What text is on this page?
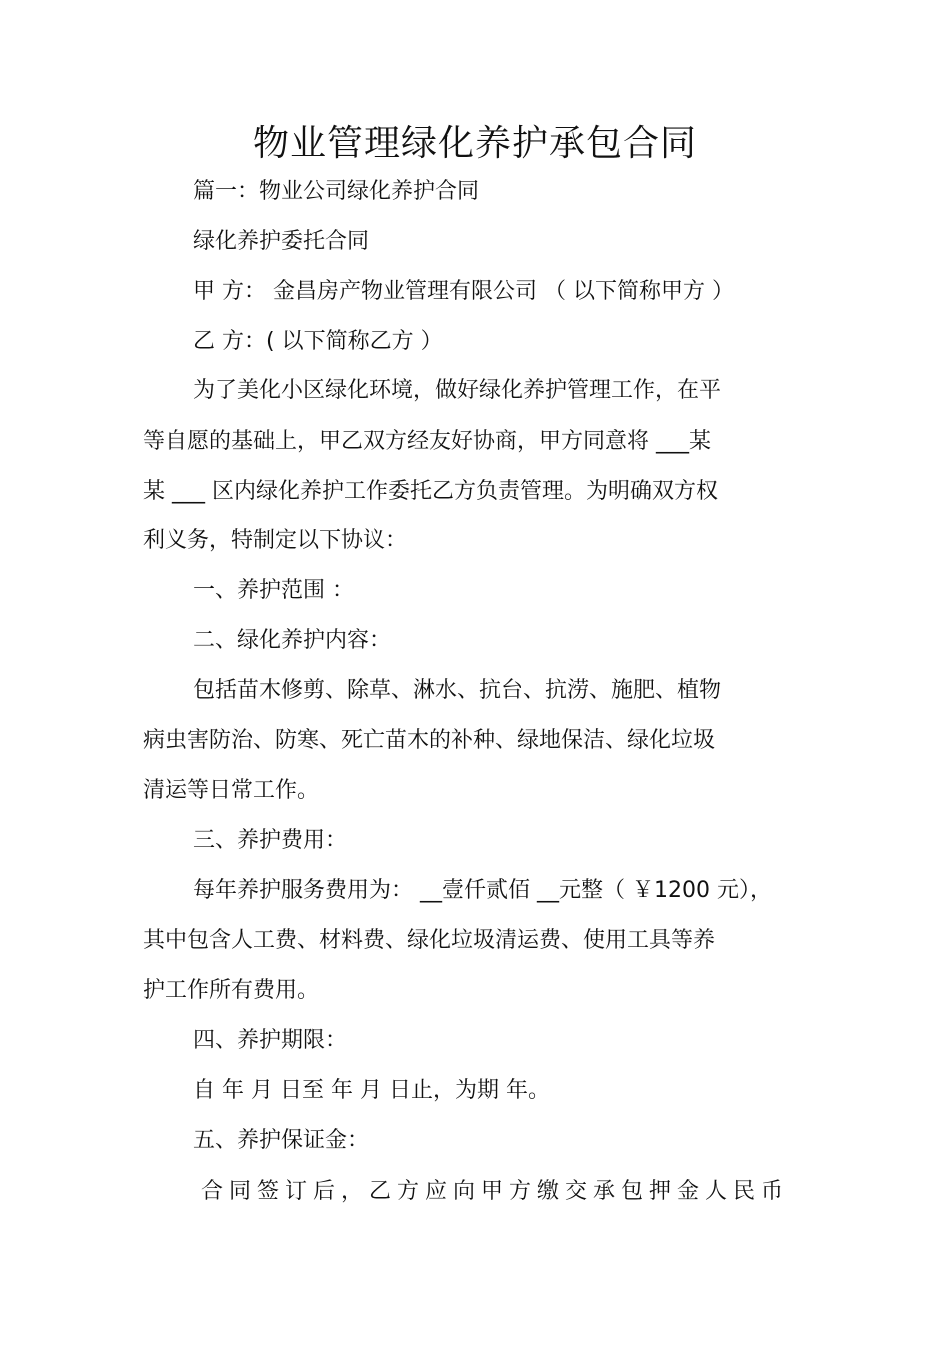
物业管理绿化养护承包合同
篇一：物业公司绿化养护合同
绿化养护委托合同
甲 方： 金昌房产物业管理有限公司 （ 以下简称甲方 ）
乙 方：( 以下简称乙方 ）
为了美化小区绿化环境，做好绿化养护管理工作，在平
等自愿的基础上，甲乙双方经友好协商，甲方同意将 ___某
某 ___ 区内绿化养护工作委托乙方负责管理。为明确双方权
利义务，特制定以下协议：
一、养护范围 ：
二、绿化养护内容：
包括苗木修剪、除草、淋水、抗台、抗涝、施肥、植物
病虫害防治、防寒、死亡苗木的补种、绿地保洁、绿化垃圾
清运等日常工作。
三、养护费用：
每年养护服务费用为： __壹仟贰佰 __元整（ ￥1200 元），
其中包含人工费、材料费、绿化垃圾清运费、使用工具等养
护工作所有费用。
四、养护期限：
自 年 月 日至 年 月 日止，为期 年。
五、养护保证金：
合同签订后，乙方应向甲方缴交承包押金人民币
